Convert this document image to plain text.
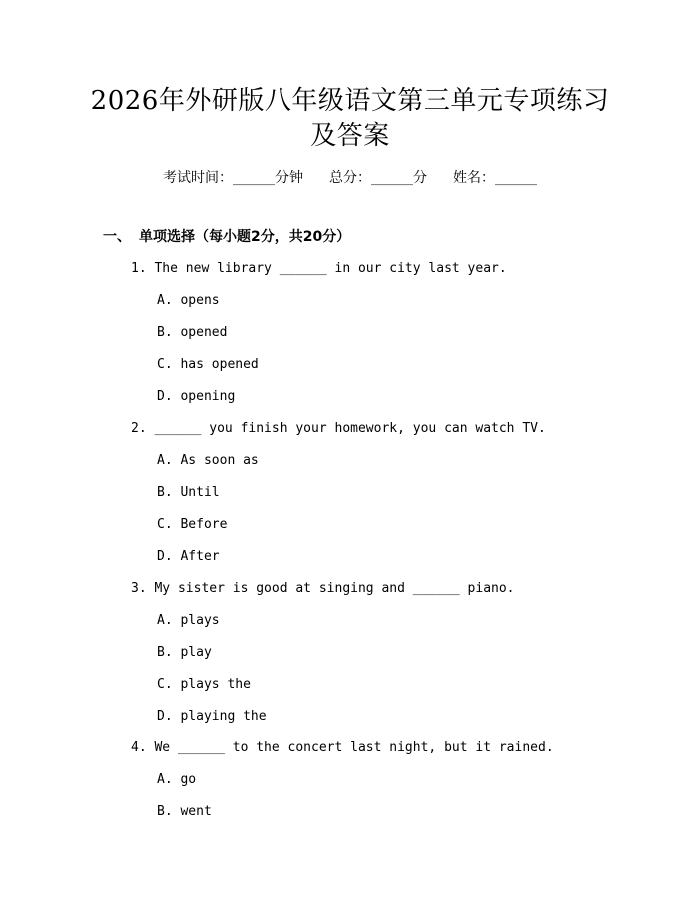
2026年外研版八年级语文第三单元专项练习
及答案
考试时间：______分钟 总分：______分 姓名：______
一、 单项选择（每小题2分，共20分）
1. The new library ______ in our city last year.
A. opens
B. opened
C. has opened
D. opening
2. ______ you finish your homework, you can watch TV.
A. As soon as
B. Until
C. Before
D. After
3. My sister is good at singing and ______ piano.
A. plays
B. play
C. plays the
D. playing the
4. We ______ to the concert last night, but it rained.
A. go
B. went
